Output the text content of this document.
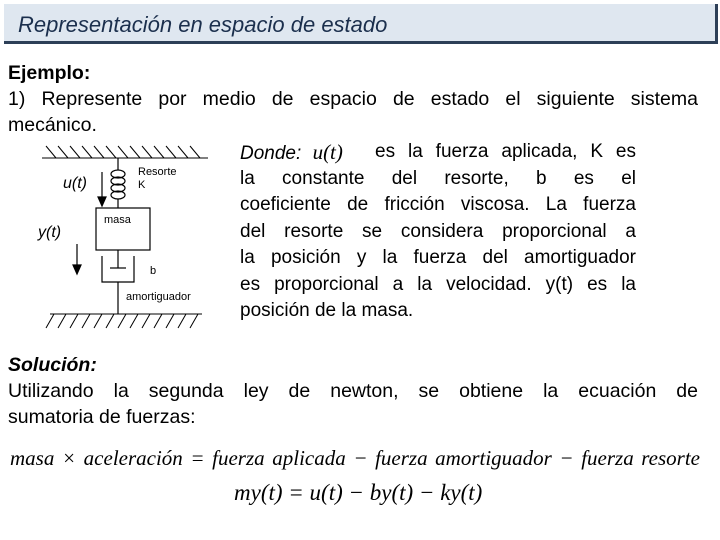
Representación en espacio de estado
Ejemplo:
1) Represente por medio de espacio de estado el siguiente sistema
mecánico.
Resorte
K
u(t)
masa
y(t)
b
amortiguador
Donde: u(t)	es la fuerza aplicada, K es
la constante del resorte, b es el
coeficiente de fricción viscosa. La fuerza
del resorte se considera proporcional a
la posición y la fuerza del amortiguador
es proporcional a la velocidad. y(t) es la
posición de la masa.
Solución:
Utilizando la segunda ley de newton, se obtiene la ecuación de
sumatoria de fuerzas:
masa × aceleración = fuerza aplicada − fuerza amortiguador − fuerza resorte
my(t) = u(t) − by(t) − ky(t)
